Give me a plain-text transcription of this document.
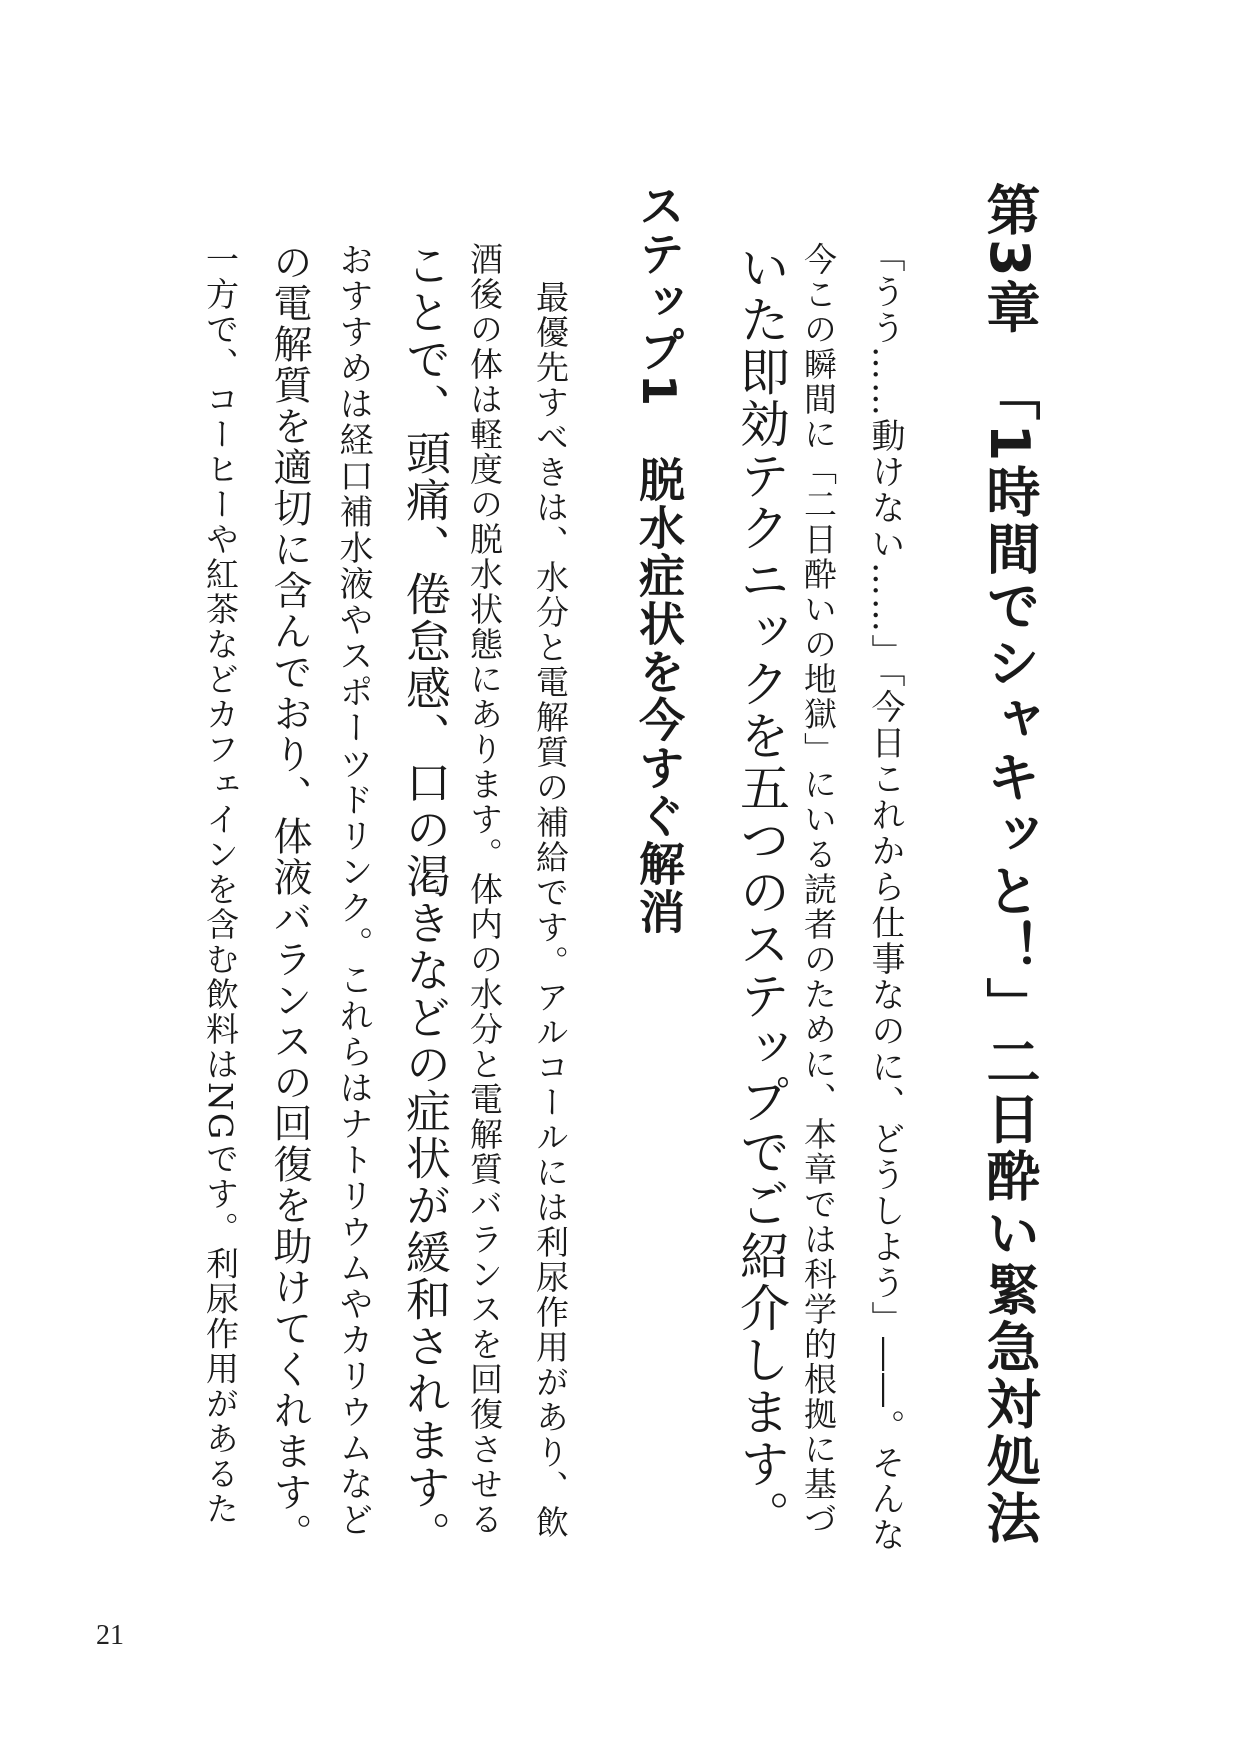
第3章　「1時間でシャキッと！」二日酔い緊急対処法
「うう……動けない……」「今日これから仕事なのに、どうしよう」――。そんな
今この瞬間に「二日酔いの地獄」にいる読者のために、本章では科学的根拠に基づ
いた即効テクニックを五つのステップでご紹介します。
ステップ1　脱水症状を今すぐ解消
最優先すべきは、水分と電解質の補給です。アルコールには利尿作用があり、飲
酒後の体は軽度の脱水状態にあります。体内の水分と電解質バランスを回復させる
ことで、頭痛、倦怠感、口の渇きなどの症状が緩和されます。
おすすめは経口補水液やスポーツドリンク。これらはナトリウムやカリウムなど
の電解質を適切に含んでおり、体液バランスの回復を助けてくれます。
一方で、コーヒーや紅茶などカフェインを含む飲料はNGです。利尿作用があるた
21
